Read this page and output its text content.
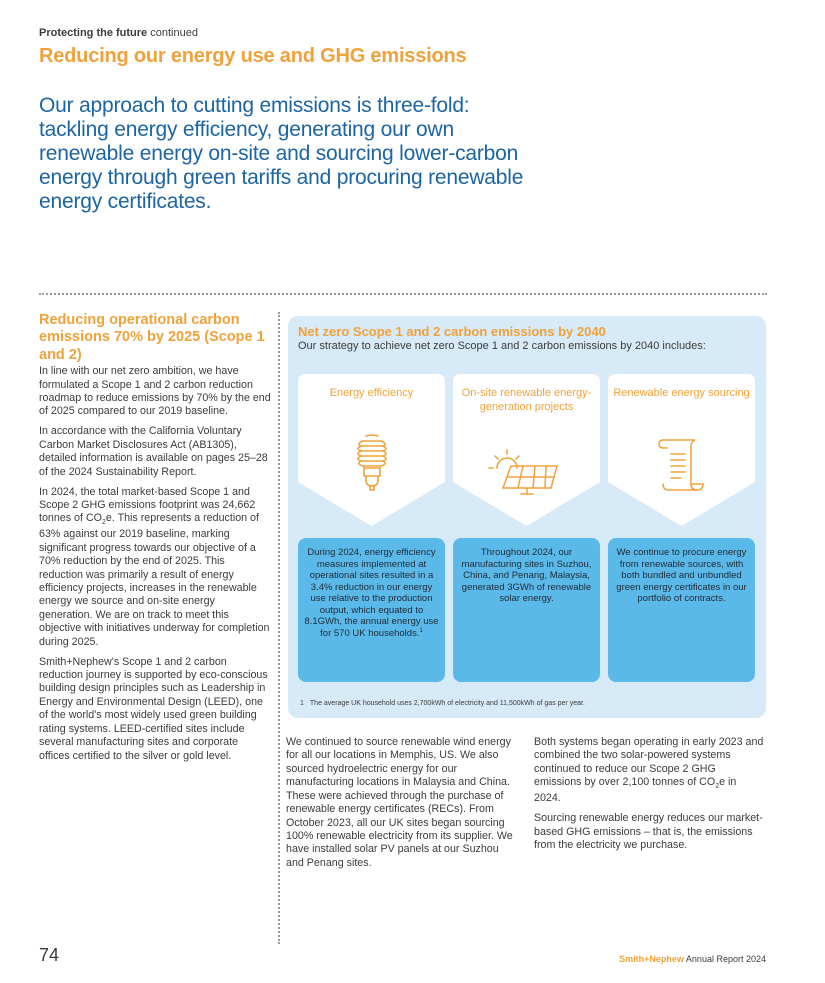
Protecting the future continued
Reducing our energy use and GHG emissions
Our approach to cutting emissions is three-fold: tackling energy efficiency, generating our own renewable energy on-site and sourcing lower-carbon energy through green tariffs and procuring renewable energy certificates.
Reducing operational carbon emissions 70% by 2025 (Scope 1 and 2)

In line with our net zero ambition, we have formulated a Scope 1 and 2 carbon reduction roadmap to reduce emissions by 70% by the end of 2025 compared to our 2019 baseline.

In accordance with the California Voluntary Carbon Market Disclosures Act (AB1305), detailed information is available on pages 25–28 of the 2024 Sustainability Report.

In 2024, the total market-based Scope 1 and Scope 2 GHG emissions footprint was 24,662 tonnes of $CO_2e$. This represents a reduction of 63% against our 2019 baseline, marking significant progress towards our objective of a 70% reduction by the end of 2025. This reduction was primarily a result of energy efficiency projects, increases in the renewable energy we source and on-site energy generation. We are on track to meet this objective with initiatives underway for completion during 2025.

Smith+Nephew's Scope 1 and 2 carbon reduction journey is supported by eco-conscious building design principles such as Leadership in Energy and Environmental Design (LEED), one of the world's most widely used green building rating systems. LEED-certified sites include several manufacturing sites and corporate offices certified to the silver or gold level.

Net zero Scope 1 and 2 carbon emissions by 2040
Our strategy to achieve net zero Scope 1 and 2 carbon emissions by 2040 includes:
Energy efficiency	On-site renewable energy-generation projects
Renewable energy sourcing
During 2024, energy efficiency measures implemented at operational sites resulted in a 3.4% reduction in our energy use relative to the production output, which equated to 8.1GWh, the annual energy use for 570 UK households.$^1$
Throughout 2024, our manufacturing sites in Suzhou, China, and Penang, Malaysia, generated 3GWh of renewable solar energy.
We continue to procure energy from renewable sources, with both bundled and unbundled green energy certificates in our portfolio of contracts.
1 The average UK household uses 2,700kWh of electricity and 11,500kWh of gas per year.

We continued to source renewable wind energy for all our locations in Memphis, US. We also sourced hydroelectric energy for our manufacturing locations in Malaysia and China. These were achieved through the purchase of renewable energy certificates (RECs). From October 2023, all our UK sites began sourcing 100% renewable electricity from its supplier. We have installed solar PV panels at our Suzhou and Penang sites.

Both systems began operating in early 2023 and combined the two solar-powered systems continued to reduce our Scope 2 GHG emissions by over 2,100 tonnes of $CO_2e$ in 2024.

Sourcing renewable energy reduces our market-based GHG emissions – that is, the emissions from the electricity we purchase.

74	Smith+Nephew Annual Report 2024
